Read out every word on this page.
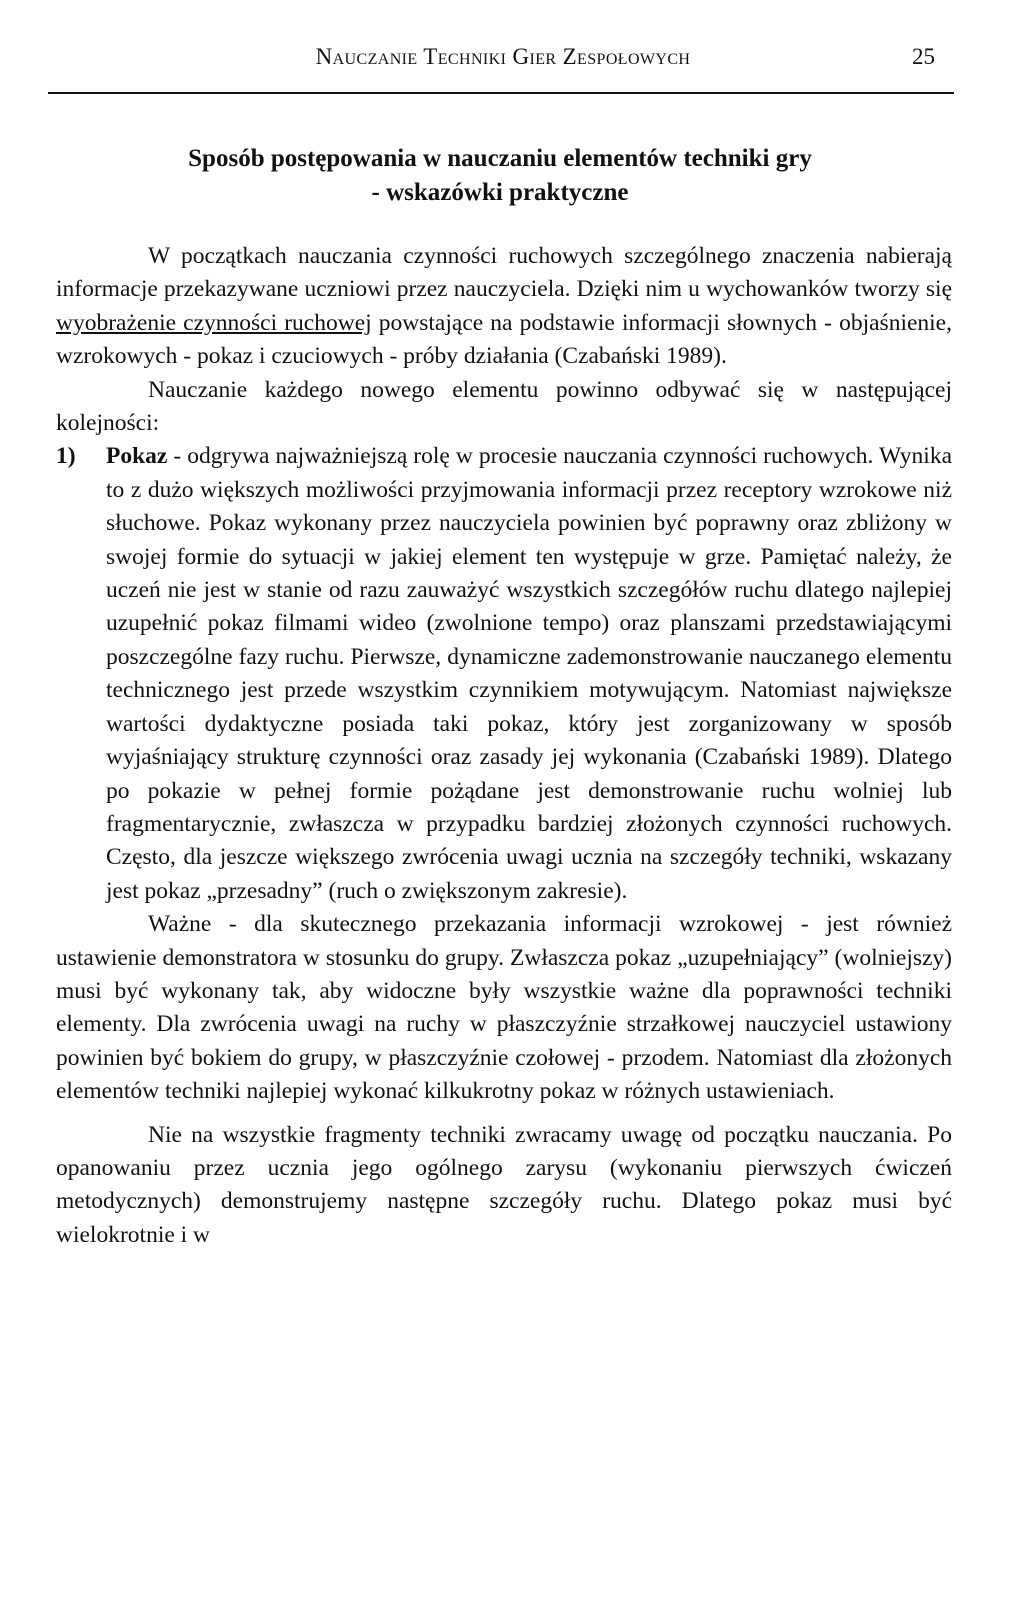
Nauczanie Techniki Gier Zespołowych	25
Sposób postępowania w nauczaniu elementów techniki gry
- wskazówki praktyczne

W początkach nauczania czynności ruchowych szczególnego znaczenia nabierają informacje przekazywane uczniowi przez nauczyciela. Dzięki nim u wychowanków tworzy się wyobrażenie czynności ruchowej powstające na podstawie informacji słownych - objaśnienie, wzrokowych - pokaz i czuciowych - próby działania (Czabański 1989).

Nauczanie każdego nowego elementu powinno odbywać się w następującej kolejności:

1) Pokaz - odgrywa najważniejszą rolę w procesie nauczania czynności ruchowych. Wynika to z dużo większych możliwości przyjmowania informacji przez receptory wzrokowe niż słuchowe. Pokaz wykonany przez nauczyciela powinien być poprawny oraz zbliżony w swojej formie do sytuacji w jakiej element ten występuje w grze. Pamiętać należy, że uczeń nie jest w stanie od razu zauważyć wszystkich szczegółów ruchu dlatego najlepiej uzupełnić pokaz filmami wideo (zwolnione tempo) oraz planszami przedstawiającymi poszczególne fazy ruchu. Pierwsze, dynamiczne zademonstrowanie nauczanego elementu technicznego jest przede wszystkim czynnikiem motywującym. Natomiast największe wartości dydaktyczne posiada taki pokaz, który jest zorganizowany w sposób wyjaśniający strukturę czynności oraz zasady jej wykonania (Czabański 1989). Dlatego po pokazie w pełnej formie pożądane jest demonstrowanie ruchu wolniej lub fragmentarycznie, zwłaszcza w przypadku bardziej złożonych czynności ruchowych. Często, dla jeszcze większego zwrócenia uwagi ucznia na szczegóły techniki, wskazany jest pokaz „przesadny” (ruch o zwiększonym zakresie).

Ważne - dla skutecznego przekazania informacji wzrokowej - jest również ustawienie demonstratora w stosunku do grupy. Zwłaszcza pokaz „uzupełniający” (wolniejszy) musi być wykonany tak, aby widoczne były wszystkie ważne dla poprawności techniki elementy. Dla zwrócenia uwagi na ruchy w płaszczyźnie strzałkowej nauczyciel ustawiony powinien być bokiem do grupy, w płaszczyźnie czołowej - przodem. Natomiast dla złożonych elementów techniki najlepiej wykonać kilkukrotny pokaz w różnych ustawieniach.

Nie na wszystkie fragmenty techniki zwracamy uwagę od początku nauczania. Po opanowaniu przez ucznia jego ogólnego zarysu (wykonaniu pierwszych ćwiczeń metodycznych) demonstrujemy następne szczegóły ruchu. Dlatego pokaz musi być wielokrotnie i w
